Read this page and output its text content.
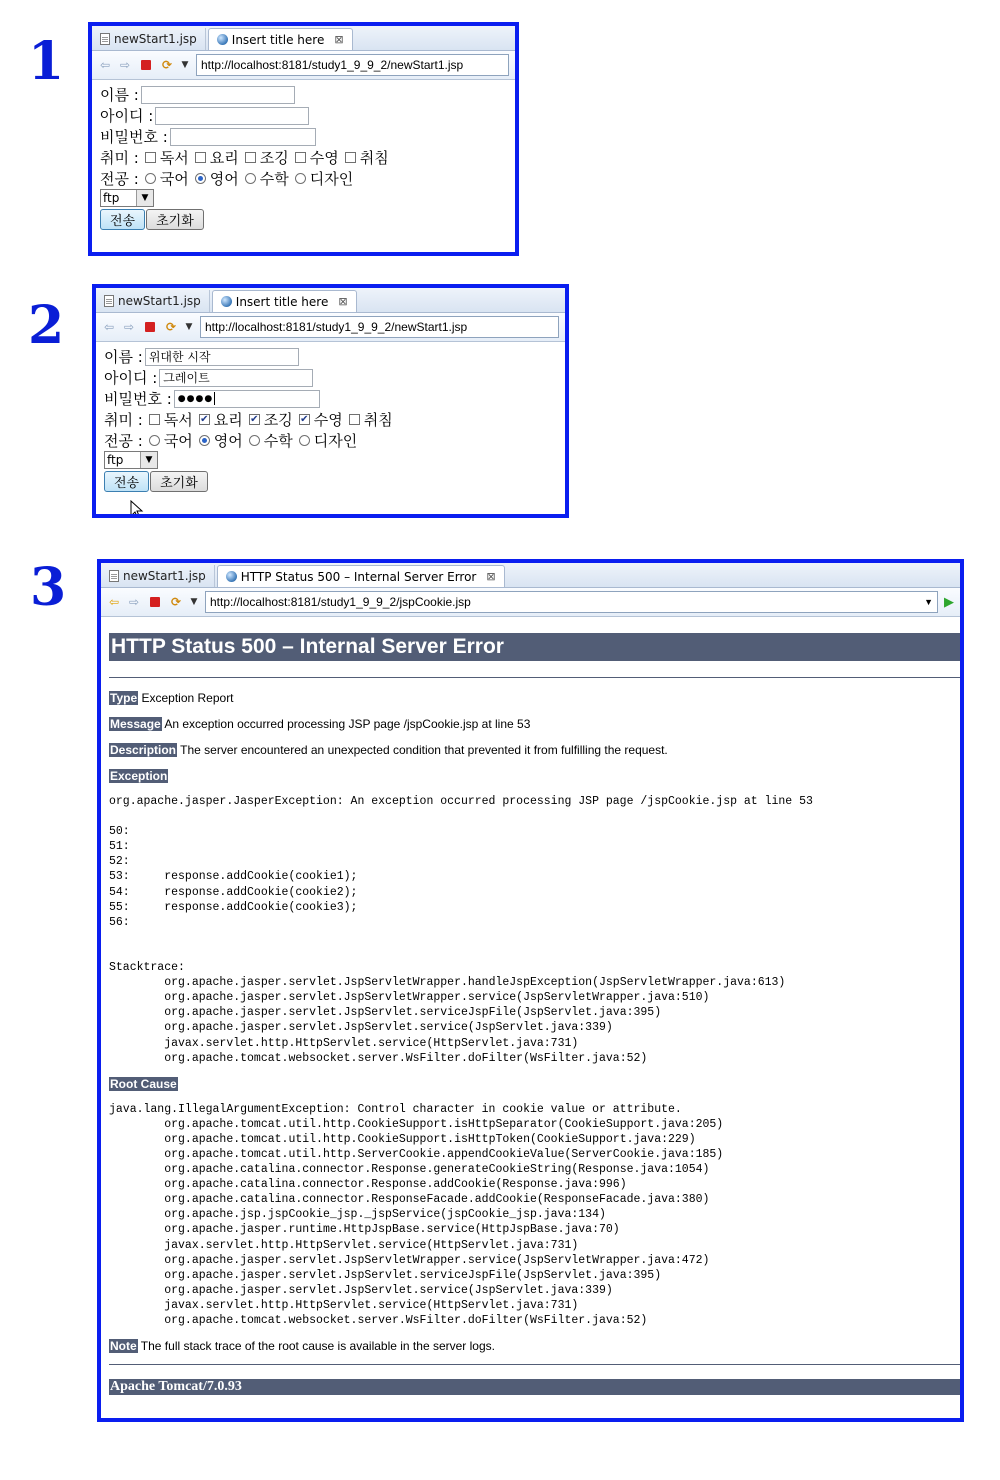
1
2
3
newStart1.jsp	Insert title here ⊠
⇦ ⇨	⟳ ▼ http://localhost:8181/study1_9_9_2/newStart1.jsp
이름 :
아이디 :
비밀번호 :
취미 : 독서 요리 조깅 수영 취침
전공 : 국어 영어 수학 디자인
ftp	▼
전송	초기화
newStart1.jsp	Insert title here ⊠
⇦ ⇨	⟳ ▼ http://localhost:8181/study1_9_9_2/newStart1.jsp
이름 : 위대한 시작
아이디 : 그레이트
비밀번호 : ●●●●
취미 : 독서 ✔ 요리 ✔ 조깅 ✔ 수영 취침
전공 : 국어 영어 수학 디자인
ftp	▼
전송	초기화
newStart1.jsp	HTTP Status 500 – Internal Server Error ⊠
⇦ ⇨	⟳ ▼ http://localhost:8181/study1_9_9_2/jspCookie.jsp	▼ ▶
HTTP Status 500 – Internal Server Error

Type Exception Report

Message An exception occurred processing JSP page /jspCookie.jsp at line 53

Description The server encountered an unexpected condition that prevented it from fulfilling the request.

Exception

org.apache.jasper.JasperException: An exception occurred processing JSP page /jspCookie.jsp at line 53

50:
51:
52:
53:	response.addCookie(cookie1);
54:	response.addCookie(cookie2);
55:	response.addCookie(cookie3);
56:

Stacktrace:
	org.apache.jasper.servlet.JspServletWrapper.handleJspException(JspServletWrapper.java:613)
	org.apache.jasper.servlet.JspServletWrapper.service(JspServletWrapper.java:510)
	org.apache.jasper.servlet.JspServlet.serviceJspFile(JspServlet.java:395)
	org.apache.jasper.servlet.JspServlet.service(JspServlet.java:339)
	javax.servlet.http.HttpServlet.service(HttpServlet.java:731)
	org.apache.tomcat.websocket.server.WsFilter.doFilter(WsFilter.java:52)

Root Cause

java.lang.IllegalArgumentException: Control character in cookie value or attribute.
	org.apache.tomcat.util.http.CookieSupport.isHttpSeparator(CookieSupport.java:205)
	org.apache.tomcat.util.http.CookieSupport.isHttpToken(CookieSupport.java:229)
	org.apache.tomcat.util.http.ServerCookie.appendCookieValue(ServerCookie.java:185)
	org.apache.catalina.connector.Response.generateCookieString(Response.java:1054)
	org.apache.catalina.connector.Response.addCookie(Response.java:996)
	org.apache.catalina.connector.ResponseFacade.addCookie(ResponseFacade.java:380)
	org.apache.jsp.jspCookie_jsp._jspService(jspCookie_jsp.java:134)
	org.apache.jasper.runtime.HttpJspBase.service(HttpJspBase.java:70)
	javax.servlet.http.HttpServlet.service(HttpServlet.java:731)
	org.apache.jasper.servlet.JspServletWrapper.service(JspServletWrapper.java:472)
	org.apache.jasper.servlet.JspServlet.serviceJspFile(JspServlet.java:395)
	org.apache.jasper.servlet.JspServlet.service(JspServlet.java:339)
	javax.servlet.http.HttpServlet.service(HttpServlet.java:731)
	org.apache.tomcat.websocket.server.WsFilter.doFilter(WsFilter.java:52)

Note The full stack trace of the root cause is available in the server logs.

Apache Tomcat/7.0.93
